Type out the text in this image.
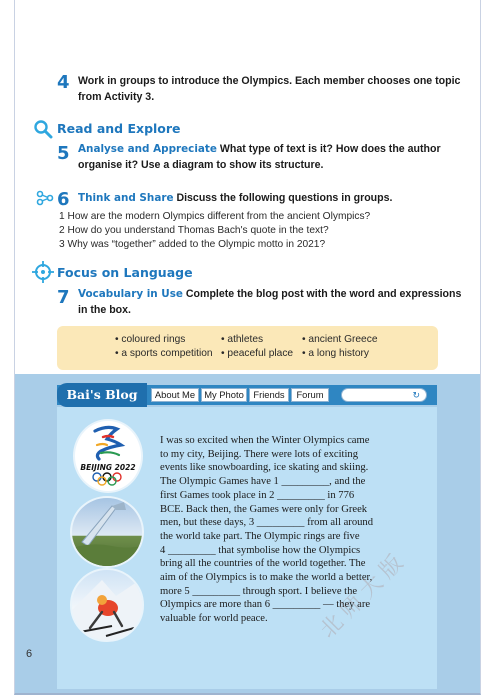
4 Work in groups to introduce the Olympics. Each member chooses one topic
from Activity 3.
Read and Explore
5 Analyse and Appreciate What type of text is it? How does the author
organise it? Use a diagram to show its structure.
6 Think and Share Discuss the following questions in groups.
1 How are the modern Olympics different from the ancient Olympics?
2 How do you understand Thomas Bach's quote in the text?
3 Why was “together” added to the Olympic motto in 2021?
Focus on Language
7 Vocabulary in Use Complete the blog post with the word and expressions
in the box.
• coloured rings	• athletes	• ancient Greece
• a sports competition • peaceful place • a long history
Bai's Blog	About Me My Photo	Friends	Forum	↻
BEIJING 2022
I was so excited when the Winter Olympics came
to my city, Beijing. There were lots of exciting
events like snowboarding, ice skating and skiing.
The Olympic Games have 1 _________, and the
first Games took place in 2 _________ in 776
BCE. Back then, the Games were only for Greek
men, but these days, 3 _________ from all around
the world take part. The Olympic rings are five
4 _________ that symbolise how the Olympics
bring all the countries of the world together. The
aim of the Olympics is to make the world a better,
more 5 _________ through sport. I believe the
Olympics are more than 6 _________ — they are
valuable for world peace.
6
北师大版
